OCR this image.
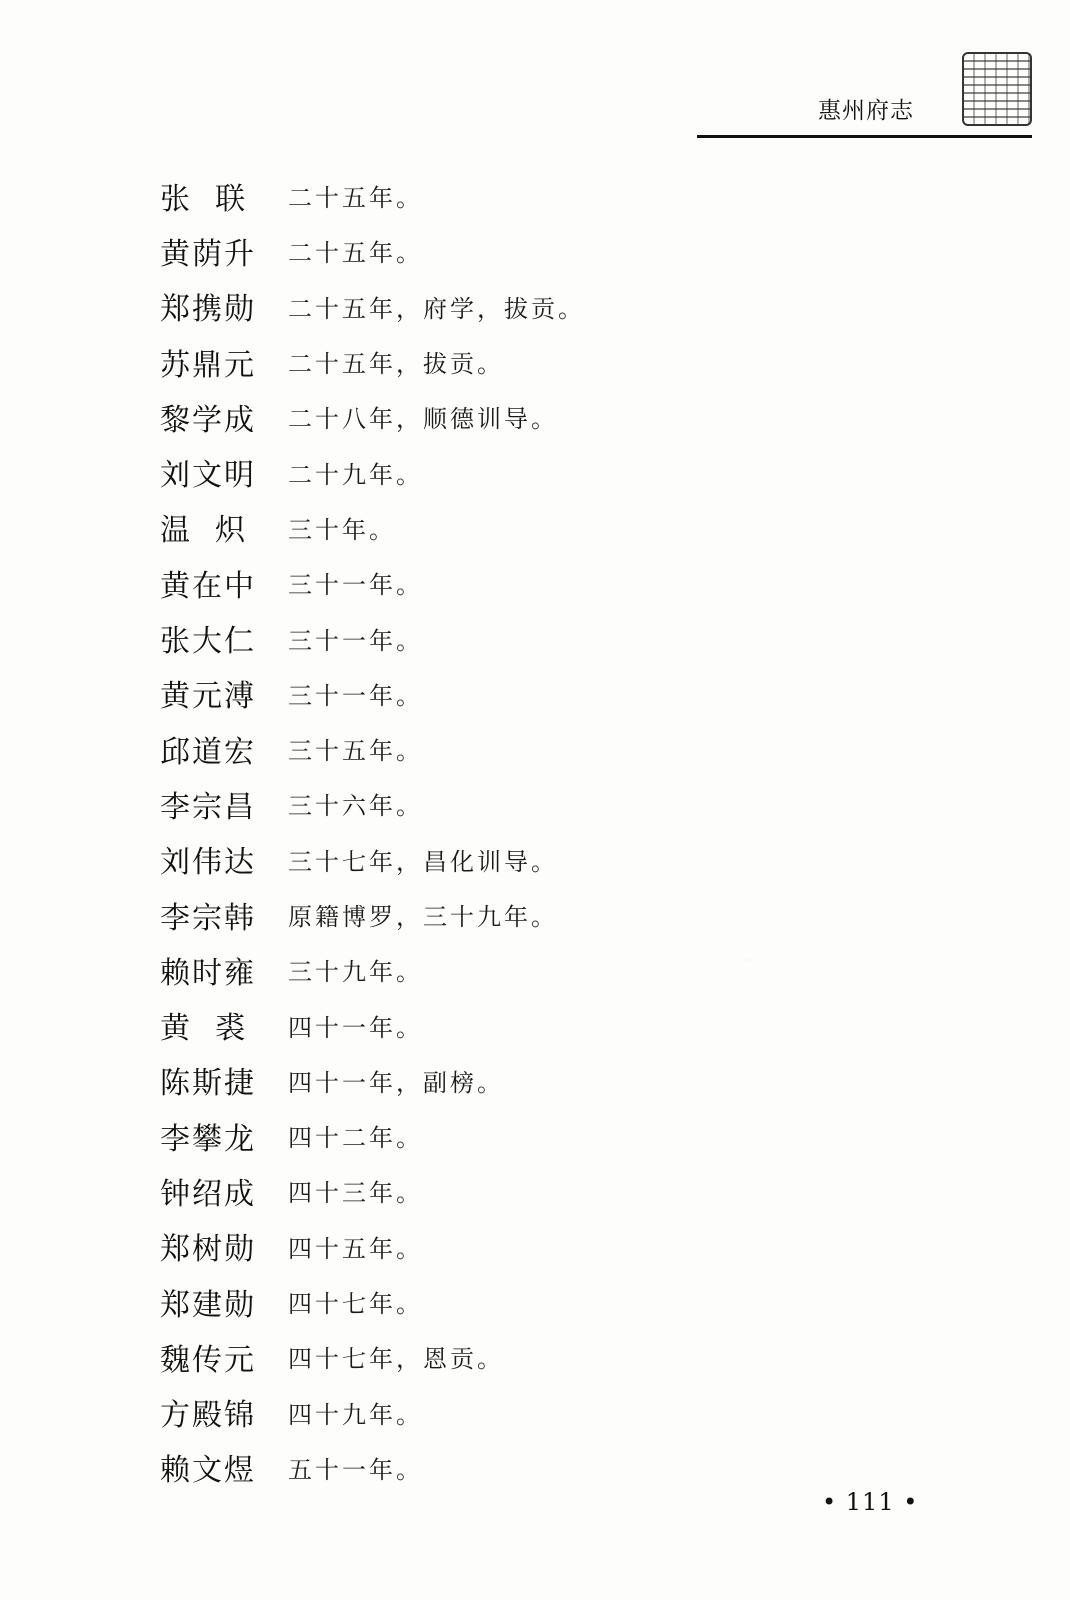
惠州府志
张  联	二十五年。
黄荫升	二十五年。
郑携勋	二十五年，府学，拔贡。
苏鼎元	二十五年，拔贡。
黎学成	二十八年，顺德训导。
刘文明	二十九年。
温  炽	三十年。
黄在中	三十一年。
张大仁	三十一年。
黄元溥	三十一年。
邱道宏	三十五年。
李宗昌	三十六年。
刘伟达	三十七年，昌化训导。
李宗韩	原籍博罗，三十九年。
赖时雍	三十九年。
黄  裘	四十一年。
陈斯捷	四十一年，副榜。
李攀龙	四十二年。
钟绍成	四十三年。
郑树勋	四十五年。
郑建勋	四十七年。
魏传元	四十七年，恩贡。
方殿锦	四十九年。
赖文煜	五十一年。
• 111 •
